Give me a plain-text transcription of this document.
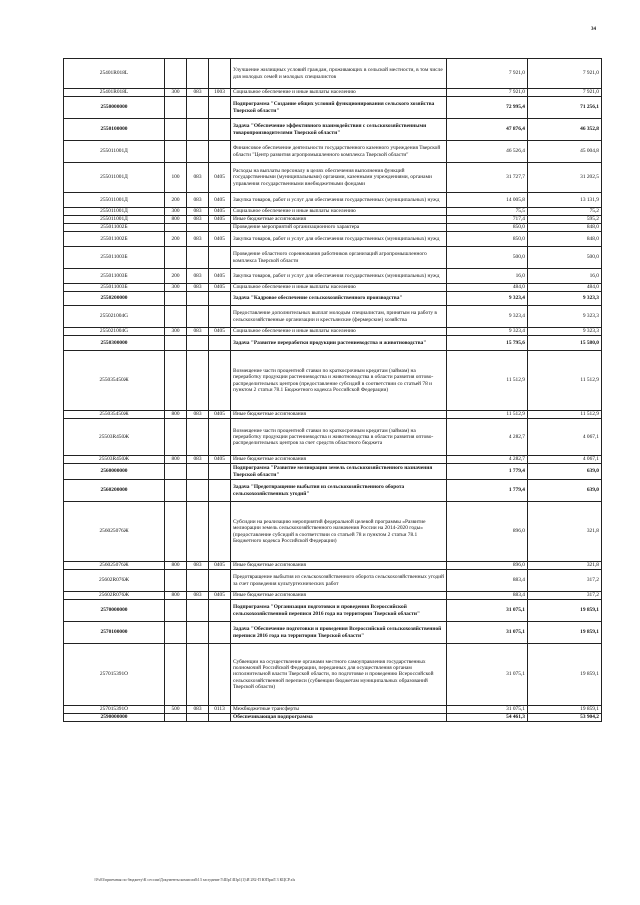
34
25401R018L				Улучшение жилищных условий граждан, проживающих в сельской местности, в том числе для молодых семей и молодых специалистов	7 921,0	7 921,0
25401R018L	300	083	1003	Социальное обеспечение и иные выплаты населению	7 921,0	7 921,0
2550000000				Подпрограмма "Создание общих условий функционирования сельского хозяйства Тверской области"	72 995,4	71 256,1
2550100000				Задача "Обеспечение эффективного взаимодействия с сельскохозяйственными товаропроизводителями Тверской области"	47 876,4	46 352,8
255011001Д				Финансовое обеспечение деятельности государственного казенного учреждения Тверской области "Центр развития агропромышленного комплекса Тверской области"	46 526,4	45 004,8
255011001Д	100	083	0405	Расходы на выплаты персоналу в целях обеспечения выполнения функций государственными (муниципальными) органами, казенными учреждениями, органами управления государственными внебюджетными фондами	31 727,7	31 202,5
255011001Д	200	083	0405	Закупка товаров, работ и услуг для обеспечения государственных (муниципальных) нужд	14 005,8	13 131,9
255011001Д	300	083	0405	Социальное обеспечение и иные выплаты населению	75,5	75,2
255011001Д	800	083	0405	Иные бюджетные ассигнования	717,4	595,2
255011002Б				Проведение мероприятий организационного характера	850,0	848,0
255011002Б	200	083	0405	Закупка товаров, работ и услуг для обеспечения государственных (муниципальных) нужд	850,0	848,0
255011003Б				Проведение областного соревнования работников организаций агропромышленного комплекса Тверской области	500,0	500,0
255011003Б	200	083	0405	Закупка товаров, работ и услуг для обеспечения государственных (муниципальных) нужд	16,0	16,0
255011003Б	300	083	0405	Социальное обеспечение и иные выплаты населению	484,0	484,0
2550200000				Задача "Кадровое обеспечение сельскохозяйственного производства"	9 323,4	9 323,3
255021004G				Предоставление дополнительных выплат молодым специалистам, принятым на работу в сельскохозяйственные организации и крестьянские (фермерские) хозяйства	9 323,4	9 323,3
255021004G	300	083	0405	Социальное обеспечение и иные выплаты населению	9 323,4	9 323,3
2550300000				Задача "Развитие переработки продукции растениеводства и животноводства"	15 795,6	15 580,0
255035450Ж				Возмещение части процентной ставки по краткосрочным кредитам (займам) на переработку продукции растениеводства и животноводства в области развития оптово-распределительных центров (предоставление субсидий в соответствии со статьей 78 и пунктом 2 статьи 78.1 Бюджетного кодекса Российской Федерации)	11 512,9	11 512,9
255035450Ж	800	083	0405	Иные бюджетные ассигнования	11 512,9	11 512,9
25503R450Ж				Возмещение части процентной ставки по краткосрочным кредитам (займам) на переработку продукции растениеводства и животноводства в области развития оптово-распределительных центров за счет средств областного бюджета	4 282,7	4 067,1
25503R450Ж	800	083	0405	Иные бюджетные ассигнования	4 282,7	4 067,1
2560000000				Подпрограмма "Развитие мелиорации земель сельскохозяйственного назначения Тверской области"	1 779,4	639,0
2560200000				Задача "Предотвращение выбытия из сельскохозяйственного оборота сельскохозяйственных угодий"	1 779,4	639,0
256025076Ж				Субсидии на реализацию мероприятий федеральной целевой программы «Развитие мелиорации земель сельскохозяйственного назначения России на 2014-2020 годы» (предоставление субсидий в соответствии со статьей 78 и пунктом 2 статьи 78.1 Бюджетного кодекса Российской Федерации)	896,0	321,8
256025076Ж	800	083	0405	Иные бюджетные ассигнования	896,0	321,8
25602R076Ж				Предотвращение выбытия из сельскохозяйственного оборота сельскохозяйственных угодий за счет проведения культуртехнических работ	883,4	317,2
25602R076Ж	800	083	0405	Иные бюджетные ассигнования	883,4	317,2
2570000000				Подпрограмма "Организация подготовки и проведения Всероссийской сельскохозяйственной переписи 2016 года на территории Тверской области"	31 075,1	19 859,1
2570100000				Задача "Обеспечение подготовки и проведения Всероссийской сельскохозяйственной переписи 2016 года на территории Тверской области"	31 075,1	19 859,1
257015391О				Субвенции на осуществление органами местного самоуправления государственных полномочий Российской Федерации, переданных для осуществления органам исполнительной власти Тверской области, по подготовке и проведению Всероссийской сельскохозяйственной переписи (субвенции бюджетам муниципальных образований Тверской области)	31 075,1	19 859,1
257015391О	500	083	0113	Межбюджетные трансферты	31 075,1	19 859,1
2590000000				Обеспечивающая подпрограмма	54 461,3	53 904,2
\\Fs03\приемная по бюджету\К сессии\Документы комиссий\13 заседание 5\Шр1\Шр1(1)\И 282-П ЮПриЛ 3 КЦСР.xls
